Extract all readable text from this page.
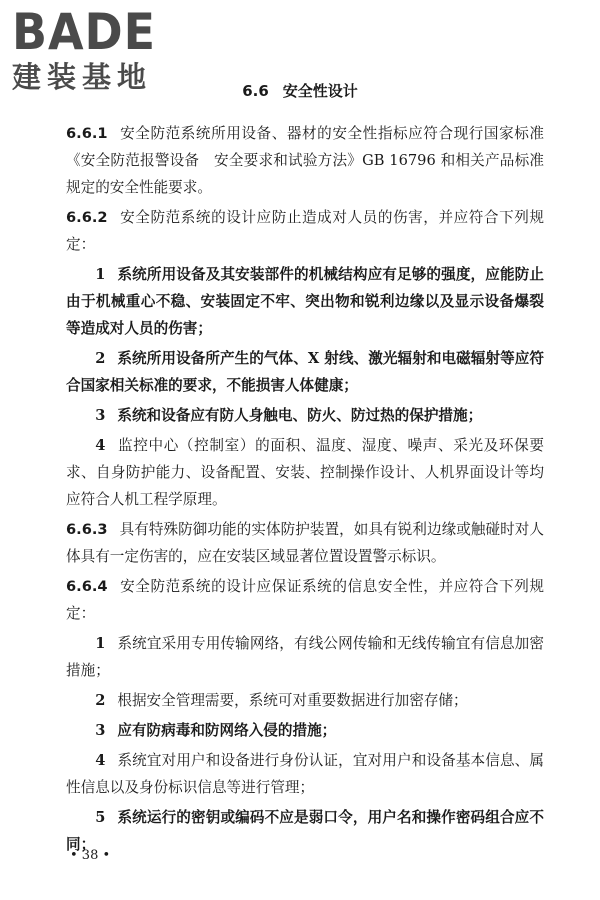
BADE
建装基地	6.6 安全性设计

6.6.1 安全防范系统所用设备、器材的安全性指标应符合现行国家标准《安全防范报警设备　安全要求和试验方法》GB 16796 和相关产品标准规定的安全性能要求。

6.6.2 安全防范系统的设计应防止造成对人员的伤害，并应符合下列规定：

1 系统所用设备及其安装部件的机械结构应有足够的强度，应能防止由于机械重心不稳、安装固定不牢、突出物和锐利边缘以及显示设备爆裂等造成对人员的伤害；

2 系统所用设备所产生的气体、X 射线、激光辐射和电磁辐射等应符合国家相关标准的要求，不能损害人体健康；

3 系统和设备应有防人身触电、防火、防过热的保护措施；

4 监控中心（控制室）的面积、温度、湿度、噪声、采光及环保要求、自身防护能力、设备配置、安装、控制操作设计、人机界面设计等均应符合人机工程学原理。

6.6.3 具有特殊防御功能的实体防护装置，如具有锐利边缘或触碰时对人体具有一定伤害的，应在安装区域显著位置设置警示标识。

6.6.4 安全防范系统的设计应保证系统的信息安全性，并应符合下列规定：

1 系统宜采用专用传输网络，有线公网传输和无线传输宜有信息加密措施；

2 根据安全管理需要，系统可对重要数据进行加密存储；

3 应有防病毒和防网络入侵的措施；

4 系统宜对用户和设备进行身份认证，宜对用户和设备基本信息、属性信息以及身份标识信息等进行管理；

5 系统运行的密钥或编码不应是弱口令，用户名和操作密码组合应不同；

• 38 •
